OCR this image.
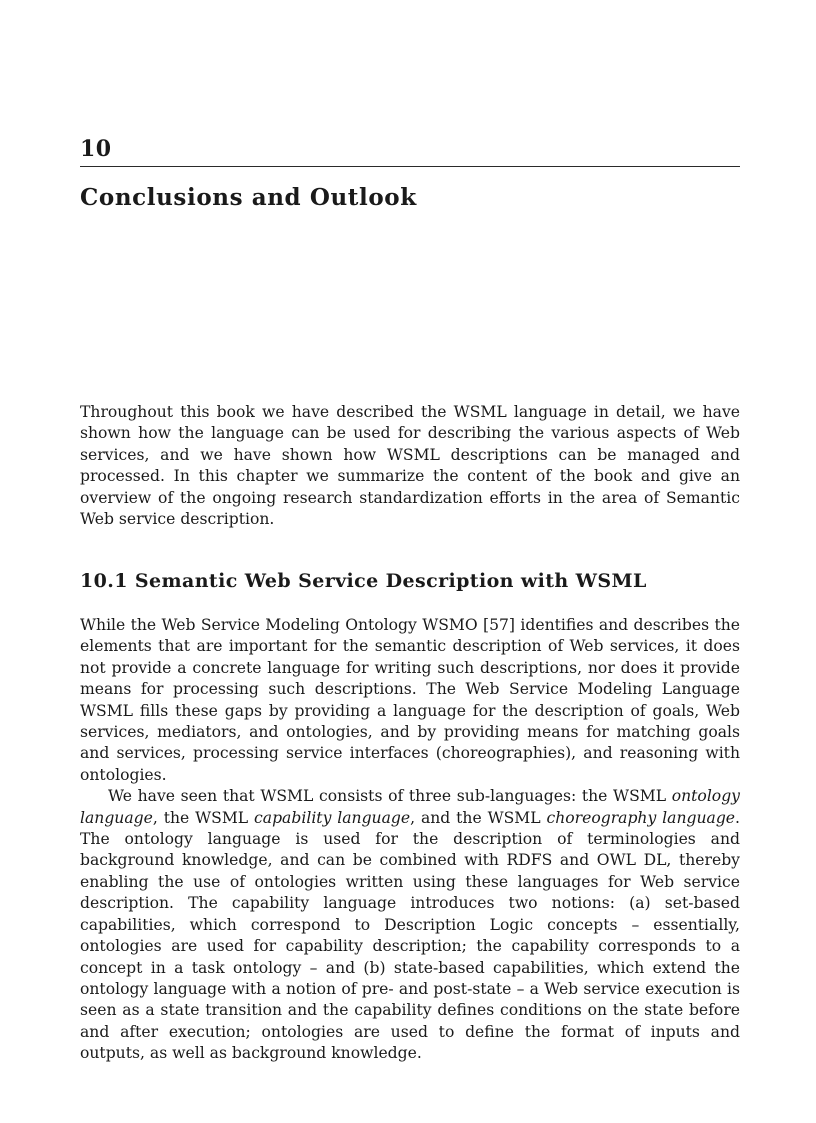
10
Conclusions and Outlook

Throughout this book we have described the WSML language in detail, we have shown how the language can be used for describing the various aspects of Web services, and we have shown how WSML descriptions can be managed and processed. In this chapter we summarize the content of the book and give an overview of the ongoing research standardization efforts in the area of Semantic Web service description.

10.1 Semantic Web Service Description with WSML

While the Web Service Modeling Ontology WSMO [57] identifies and describes the elements that are important for the semantic description of Web services, it does not provide a concrete language for writing such descriptions, nor does it provide means for processing such descriptions. The Web Service Modeling Language WSML fills these gaps by providing a language for the description of goals, Web services, mediators, and ontologies, and by providing means for matching goals and services, processing service interfaces (choreographies), and reasoning with ontologies.

We have seen that WSML consists of three sub-languages: the WSML ontology language, the WSML capability language, and the WSML choreography language. The ontology language is used for the description of terminologies and background knowledge, and can be combined with RDFS and OWL DL, thereby enabling the use of ontologies written using these languages for Web service description. The capability language introduces two notions: (a) set-based capabilities, which correspond to Description Logic concepts – essentially, ontologies are used for capability description; the capability corresponds to a concept in a task ontology – and (b) state-based capabilities, which extend the ontology language with a notion of pre- and post-state – a Web service execution is seen as a state transition and the capability defines conditions on the state before and after execution; ontologies are used to define the format of inputs and outputs, as well as background knowledge.
